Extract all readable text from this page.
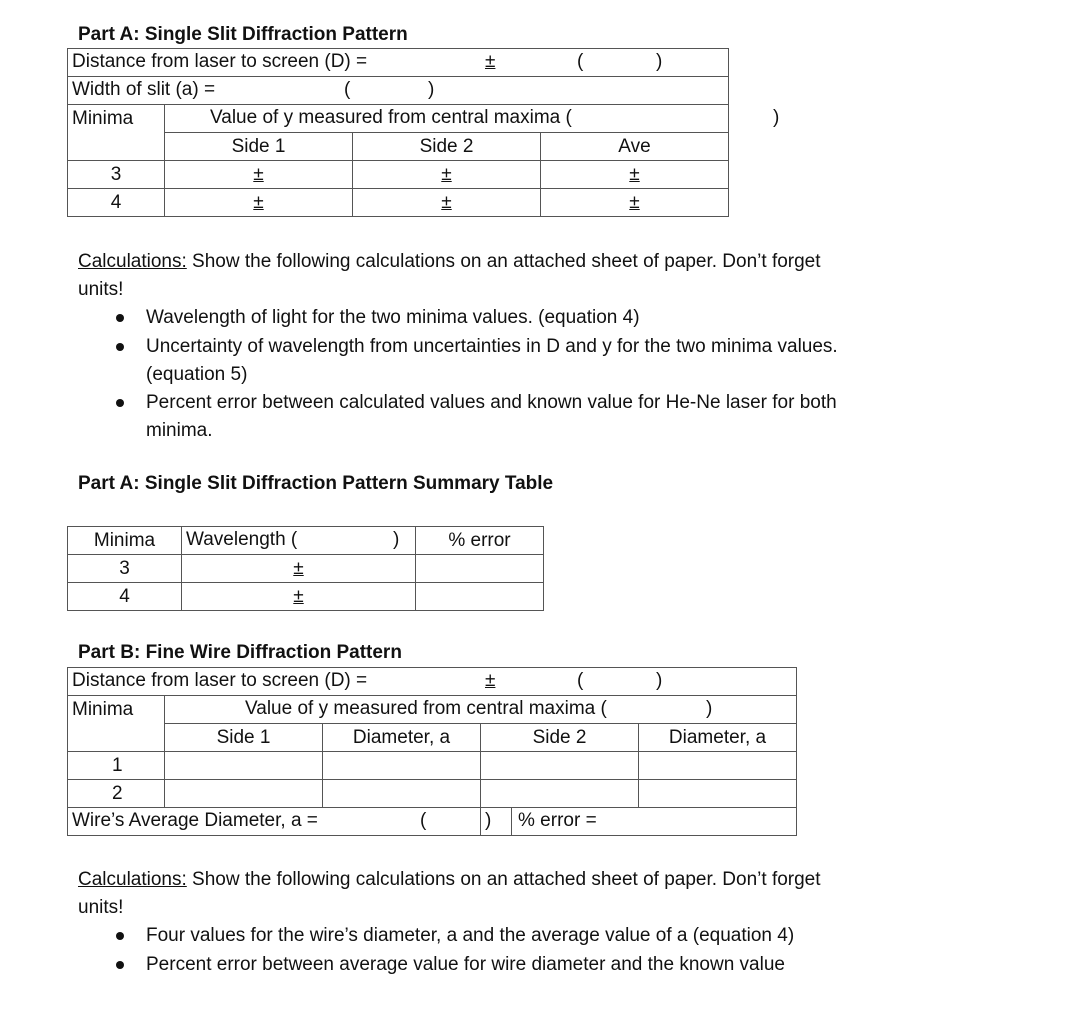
Part A: Single Slit Diffraction Pattern
Distance from laser to screen (D) = ± ( )			

Width of slit (a) = ( )			

Minima	Value of y measured from central maxima ( )		

	Side 1	Side 2	Ave
3	±	±	±
4	±	±	±
Calculations: Show the following calculations on an attached sheet of paper. Don’t forget
units!
Wavelength of light for the two minima values. (equation 4)
Uncertainty of wavelength from uncertainties in D and y for the two minima values.
(equation 5)
Percent error between calculated values and known value for He-Ne laser for both
minima.
Part A: Single Slit Diffraction Pattern Summary Table
Minima	Wavelength ( )	% error
3	±	
4	±	
Part B: Fine Wire Diffraction Pattern
Distance from laser to screen (D) = ± ( )				

Minima	Value of y measured from central maxima ( )			

	Side 1	Diameter, a	Side 2	Diameter, a
1				
2				

Wire’s Average Diameter, a = (			) % error =	
Calculations: Show the following calculations on an attached sheet of paper. Don’t forget
units!
Four values for the wire’s diameter, a and the average value of a (equation 4)
Percent error between average value for wire diameter and the known value
